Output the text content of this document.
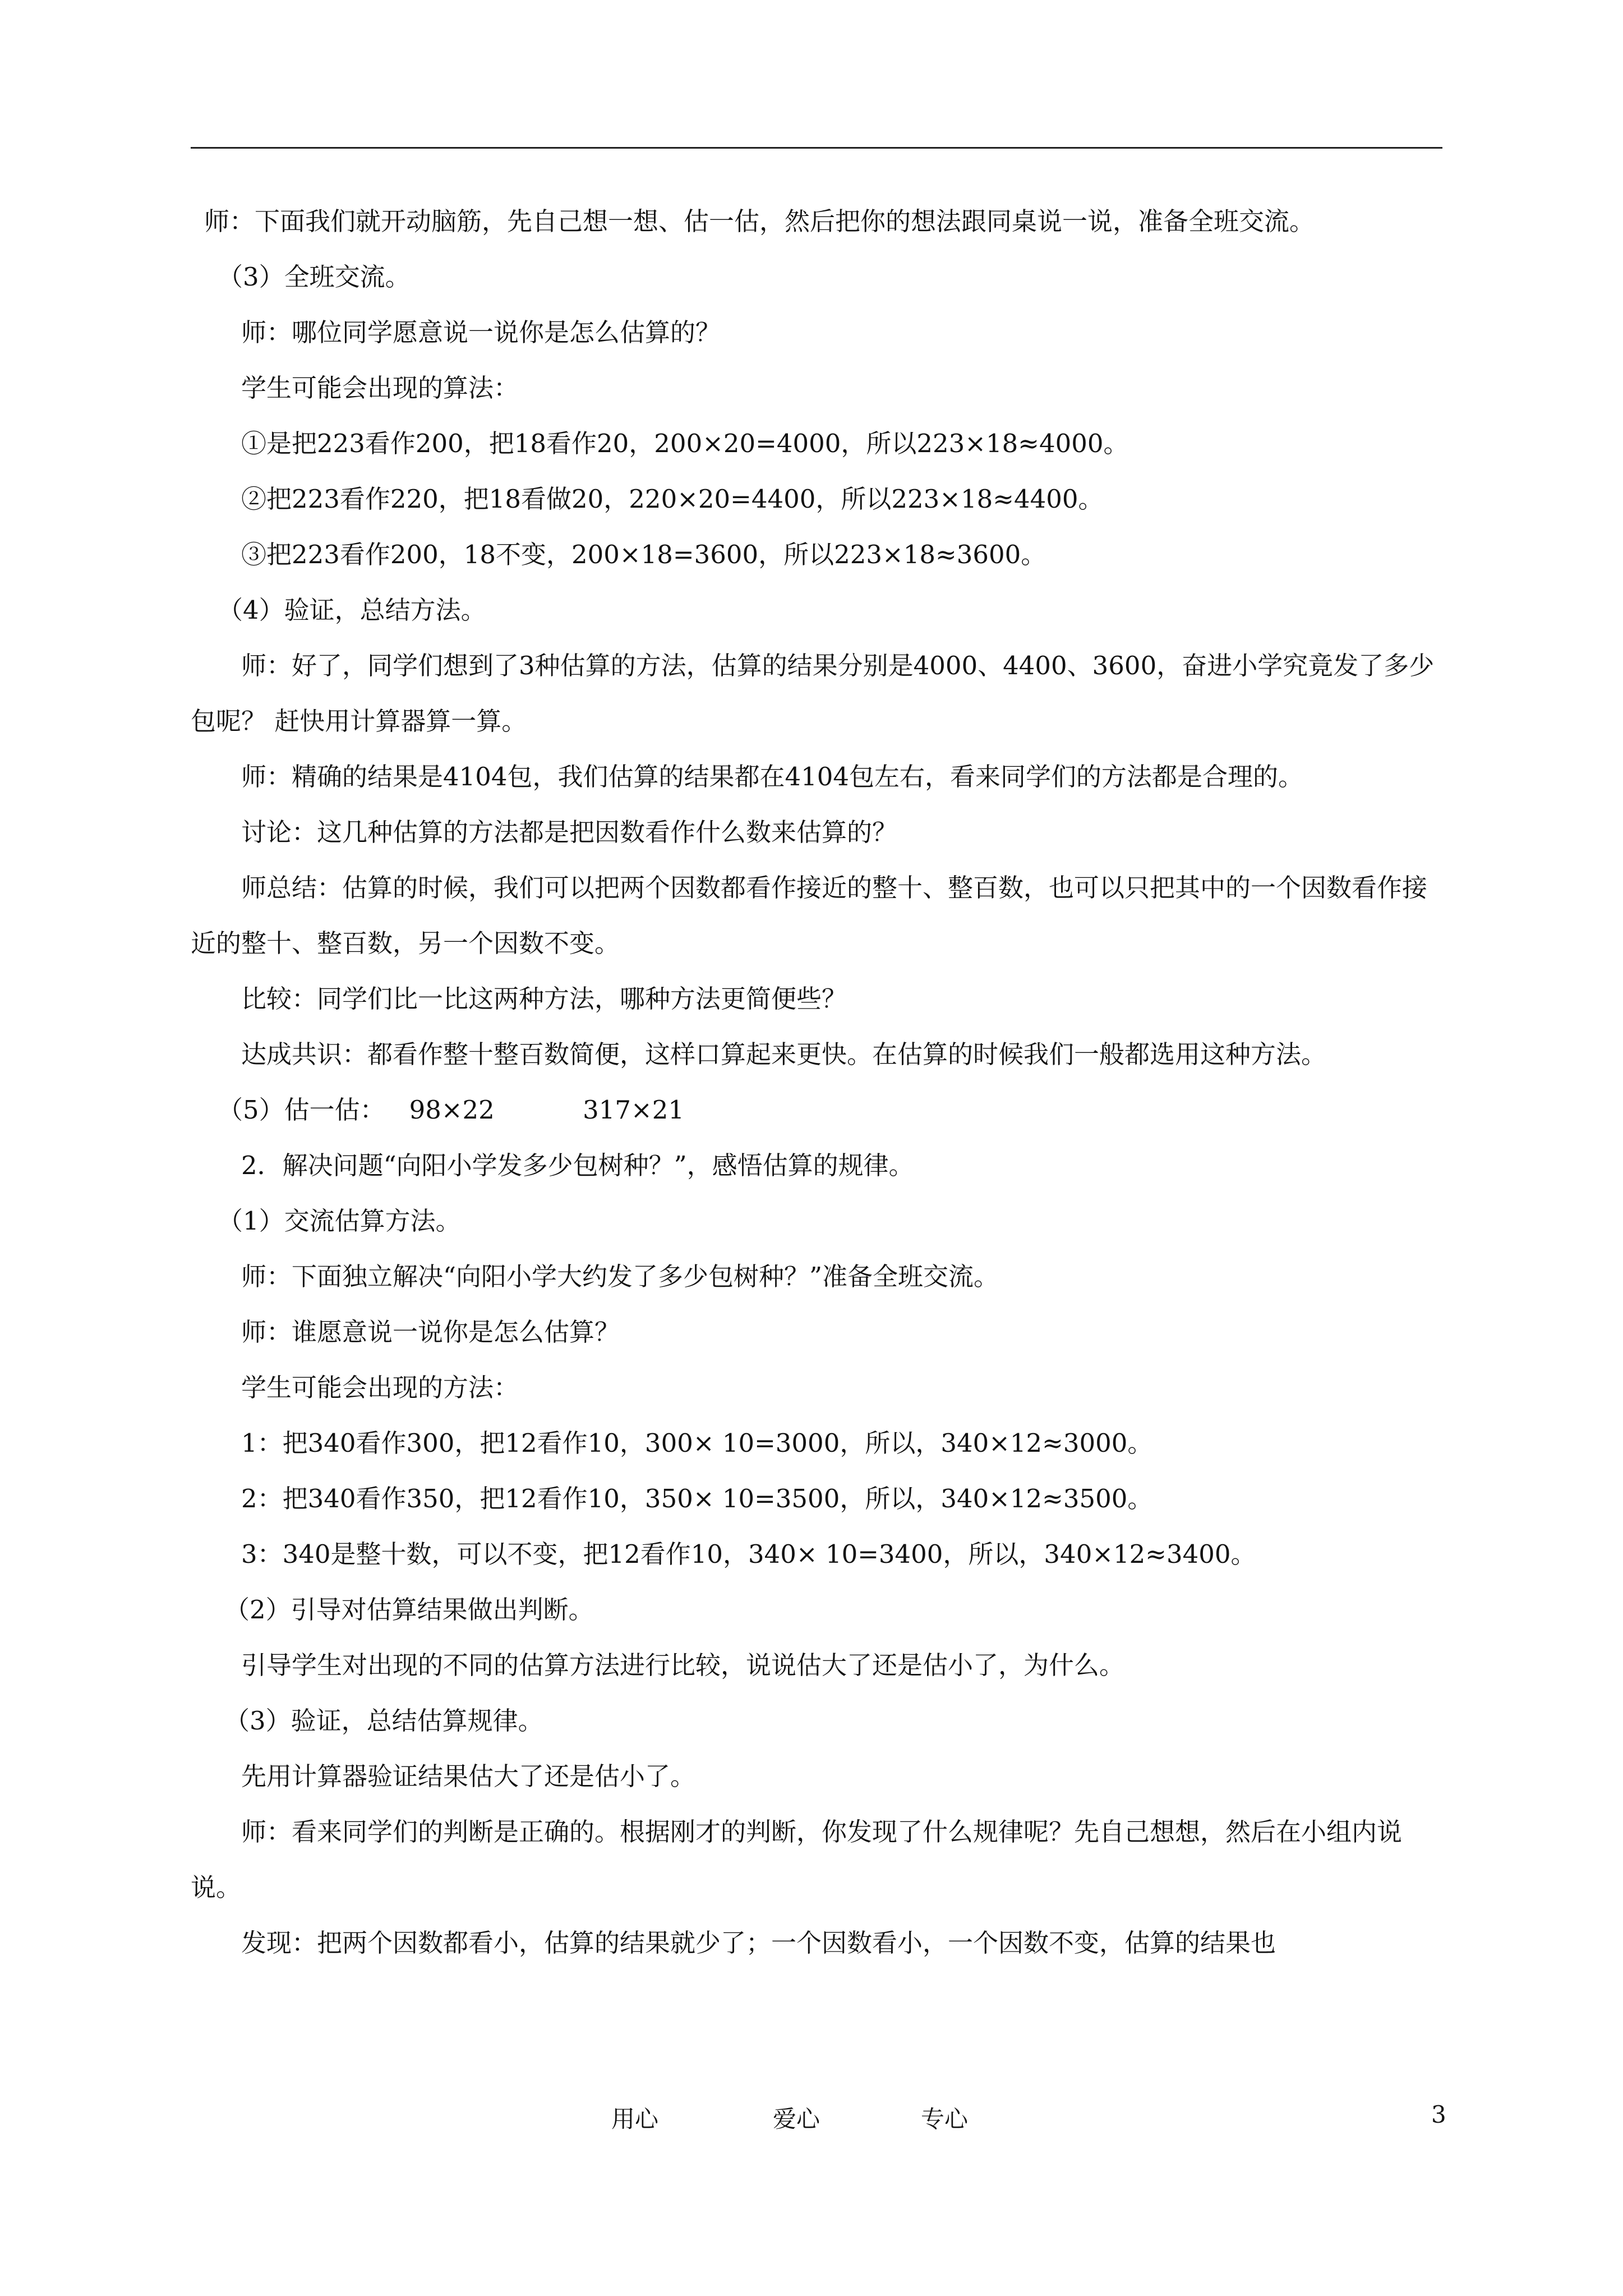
师：下面我们就开动脑筋，先自己想一想、估一估，然后把你的想法跟同桌说一说，准备全班交流。

（3）全班交流。

师：哪位同学愿意说一说你是怎么估算的？

学生可能会出现的算法：

①是把223看作200，把18看作20，200×20=4000，所以223×18≈4000。

②把223看作220，把18看做20，220×20=4400，所以223×18≈4400。

③把223看作200，18不变，200×18=3600，所以223×18≈3600。

（4）验证，总结方法。

师：好了，同学们想到了3种估算的方法，估算的结果分别是4000、4400、3600，奋进小学究竟发了多少包呢？ 赶快用计算器算一算。

师：精确的结果是4104包，我们估算的结果都在4104包左右，看来同学们的方法都是合理的。

讨论：这几种估算的方法都是把因数看作什么数来估算的？

师总结：估算的时候，我们可以把两个因数都看作接近的整十、整百数，也可以只把其中的一个因数看作接近的整十、整百数，另一个因数不变。

比较：同学们比一比这两种方法，哪种方法更简便些？

达成共识：都看作整十整百数简便，这样口算起来更快。在估算的时候我们一般都选用这种方法。

（5）估一估： 98×22	317×21

2．解决问题“向阳小学发多少包树种？”，感悟估算的规律。

（1）交流估算方法。

师：下面独立解决“向阳小学大约发了多少包树种？”准备全班交流。

师：谁愿意说一说你是怎么估算？

学生可能会出现的方法：

1：把340看作300，把12看作10，300× 10=3000，所以，340×12≈3000。

2：把340看作350，把12看作10，350× 10=3500，所以，340×12≈3500。

3：340是整十数，可以不变，把12看作10，340× 10=3400，所以，340×12≈3400。

（2）引导对估算结果做出判断。

引导学生对出现的不同的估算方法进行比较，说说估大了还是估小了，为什么。

（3）验证，总结估算规律。

先用计算器验证结果估大了还是估小了。

师：看来同学们的判断是正确的。根据刚才的判断，你发现了什么规律呢？先自己想想，然后在小组内说说。

发现：把两个因数都看小，估算的结果就少了；一个因数看小，一个因数不变，估算的结果也

用心	爱心	专心	3
